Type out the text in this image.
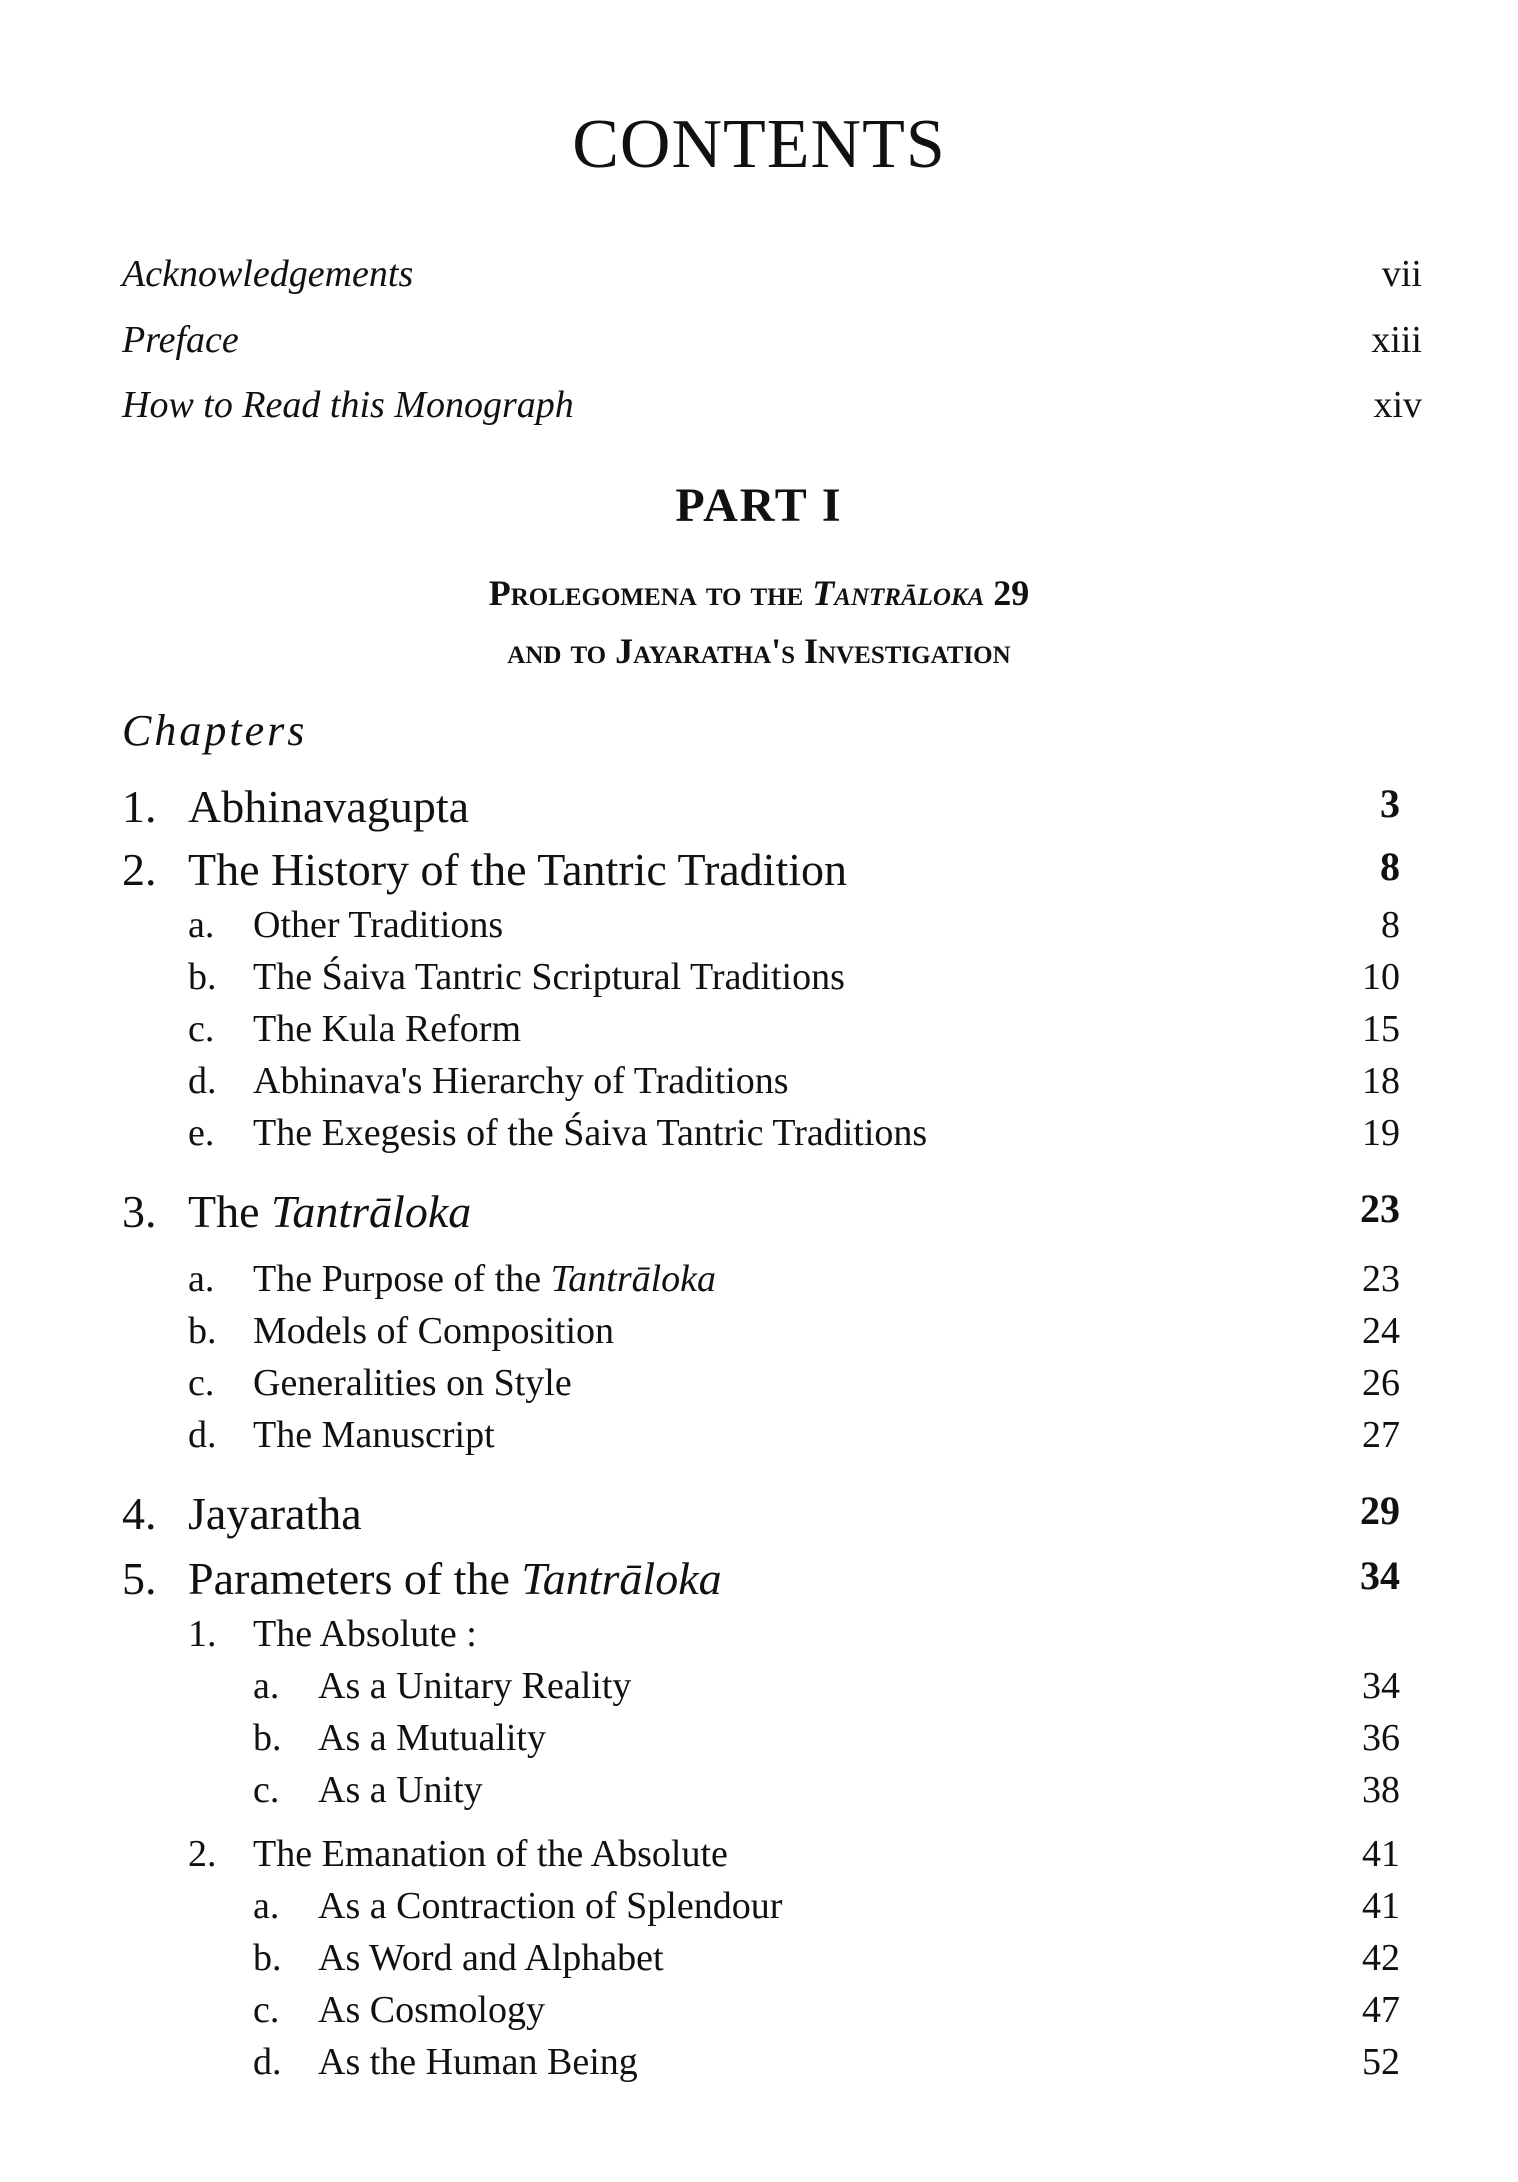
CONTENTS
Acknowledgements	vii
Preface	xiii
How to Read this Monograph	xiv
PART I
Prolegomena to the Tantrāloka 29
and to Jayaratha's Investigation
Chapters
1. Abhinavagupta	3
2. The History of the Tantric Tradition	8
a. Other Traditions	8
b. The Śaiva Tantric Scriptural Traditions	10
c. The Kula Reform	15
d. Abhinava's Hierarchy of Traditions	18
e. The Exegesis of the Śaiva Tantric Traditions	19
3. The Tantrāloka	23
a. The Purpose of the Tantrāloka	23
b. Models of Composition	24
c. Generalities on Style	26
d. The Manuscript	27
4. Jayaratha	29
5. Parameters of the Tantrāloka	34
1. The Absolute :
a. As a Unitary Reality	34
b. As a Mutuality	36
c. As a Unity	38
2. The Emanation of the Absolute	41
a. As a Contraction of Splendour	41
b. As Word and Alphabet	42
c. As Cosmology	47
d. As the Human Being	52
